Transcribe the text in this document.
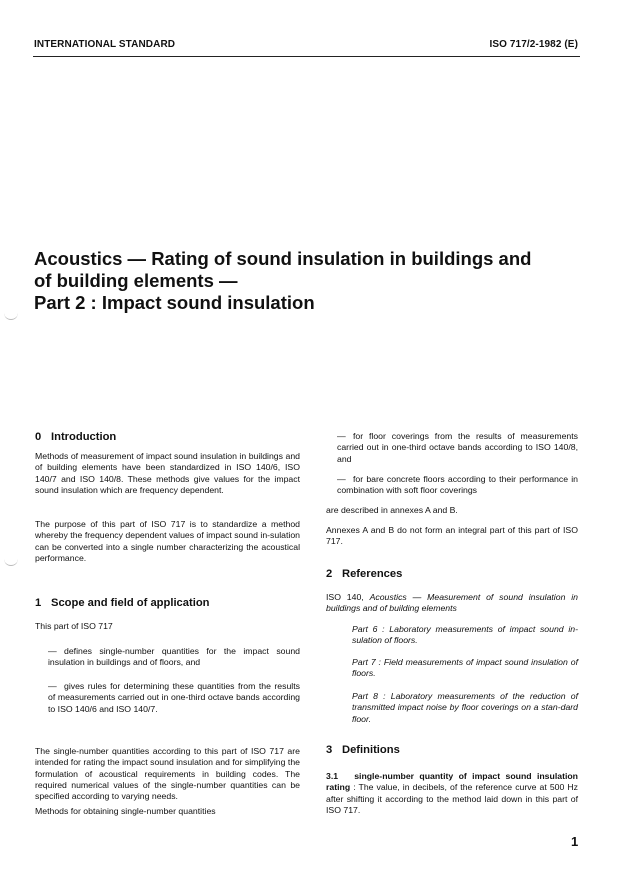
INTERNATIONAL STANDARD	ISO 717/2-1982 (E)
Acoustics — Rating of sound insulation in buildings and
of building elements —
Part 2 : Impact sound insulation
0 Introduction
Methods of measurement of impact sound insulation in buildings and of building elements have been standardized in ISO 140/6, ISO 140/7 and ISO 140/8. These methods give values for the impact sound insulation which are frequency dependent.
The purpose of this part of ISO 717 is to standardize a method whereby the frequency dependent values of impact sound in-sulation can be converted into a single number characterizing the acoustical performance.
1 Scope and field of application
This part of ISO 717
— defines single-number quantities for the impact sound insulation in buildings and of floors, and
— gives rules for determining these quantities from the results of measurements carried out in one-third octave bands according to ISO 140/6 and ISO 140/7.
The single-number quantities according to this part of ISO 717 are intended for rating the impact sound insulation and for simplifying the formulation of acoustical requirements in building codes. The required numerical values of the single-number quantities can be specified according to varying needs.
Methods for obtaining single-number quantities
— for floor coverings from the results of measurements carried out in one-third octave bands according to ISO 140/8, and
— for bare concrete floors according to their performance in combination with soft floor coverings
are described in annexes A and B.
Annexes A and B do not form an integral part of this part of ISO 717.
2 References
ISO 140, Acoustics — Measurement of sound insulation in buildings and of building elements
Part 6 : Laboratory measurements of impact sound in-sulation of floors.
Part 7 : Field measurements of impact sound insulation of floors.
Part 8 : Laboratory measurements of the reduction of transmitted impact noise by floor coverings on a stan-dard floor.
3 Definitions
3.1 single-number quantity of impact sound insulation rating : The value, in decibels, of the reference curve at 500 Hz after shifting it according to the method laid down in this part of ISO 717.
1
